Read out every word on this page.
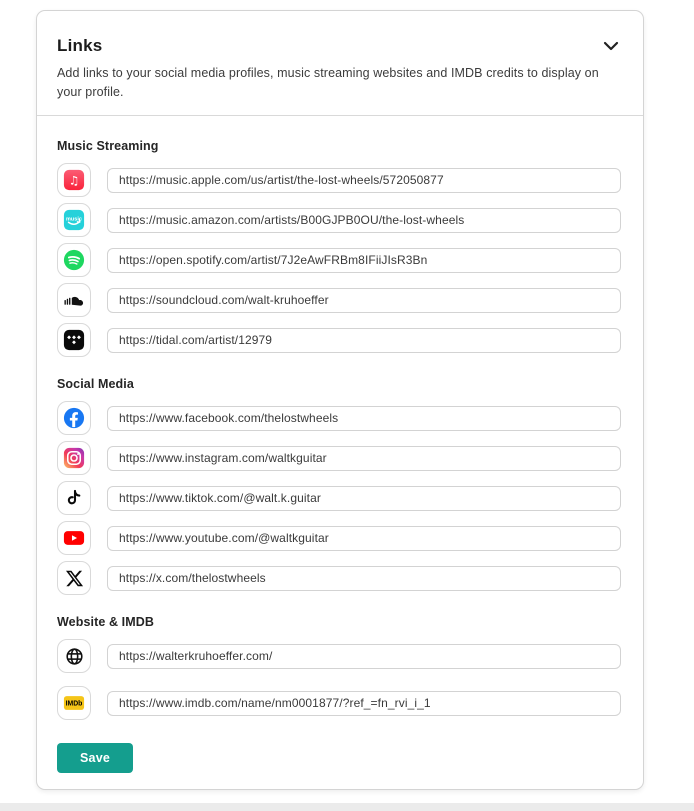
Links
Add links to your social media profiles, music streaming websites and IMDB credits to display on your profile.
Music Streaming
♫
https://music.apple.com/us/artist/the-lost-wheels/572050877
music
https://music.amazon.com/artists/B00GJPB0OU/the-lost-wheels
https://open.spotify.com/artist/7J2eAwFRBm8IFiiJIsR3Bn
https://soundcloud.com/walt-kruhoeffer
https://tidal.com/artist/12979
Social Media
https://www.facebook.com/thelostwheels
https://www.instagram.com/waltkguitar
https://www.tiktok.com/@walt.k.guitar
https://www.youtube.com/@waltkguitar
https://x.com/thelostwheels
Website & IMDB
https://walterkruhoeffer.com/
IMDb
https://www.imdb.com/name/nm0001877/?ref_=fn_rvi_i_1
Save
